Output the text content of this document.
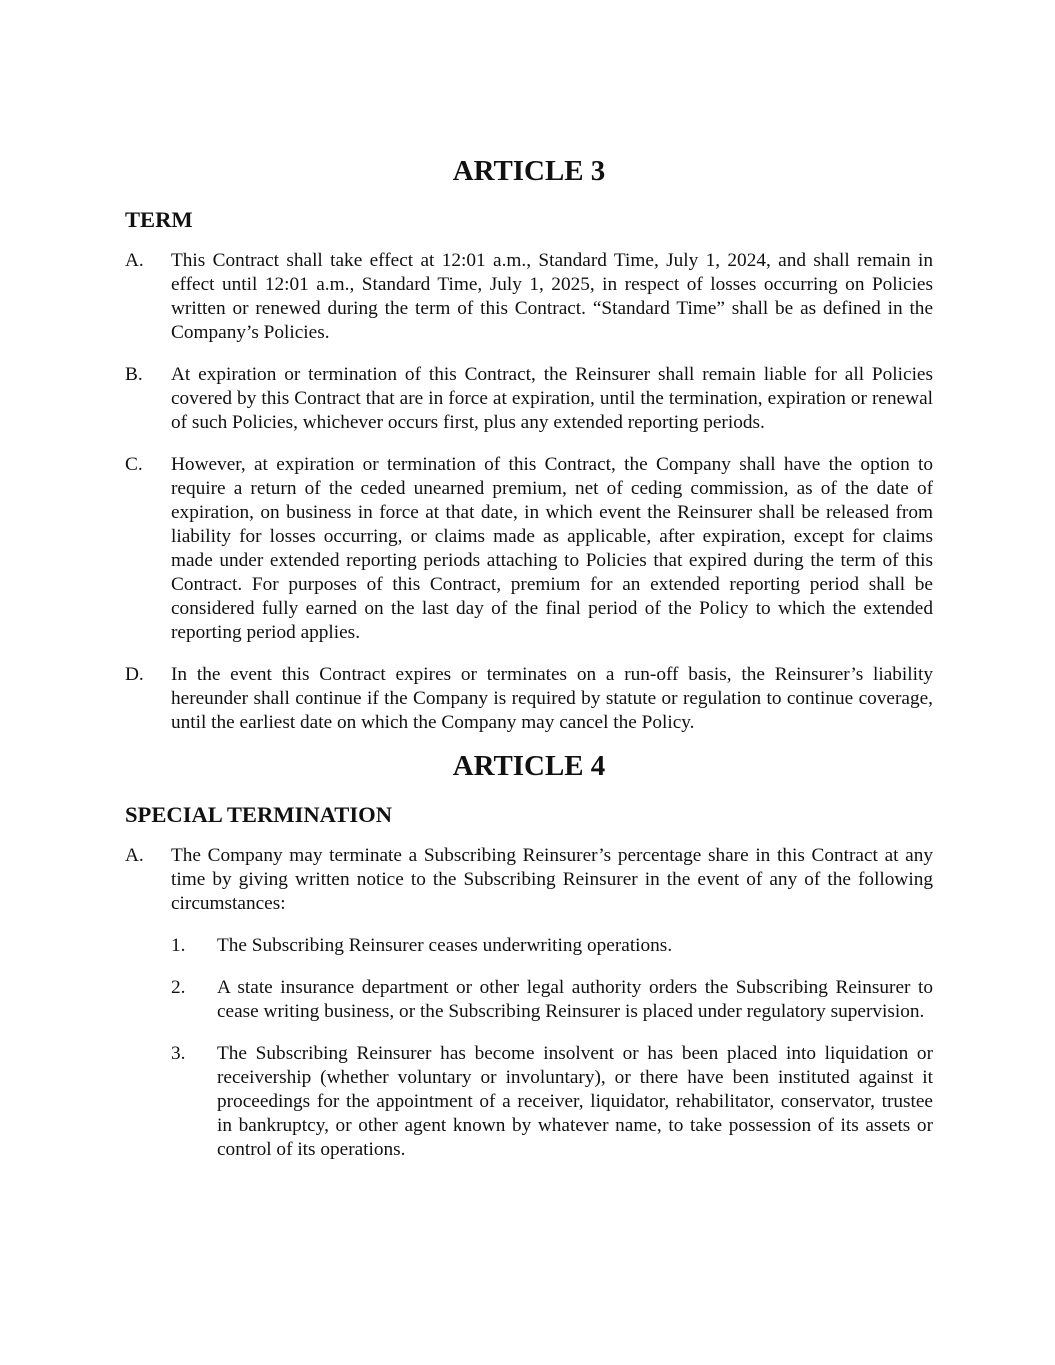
ARTICLE 3
TERM
A.	This Contract shall take effect at 12:01 a.m., Standard Time, July 1, 2024, and shall remain in effect until 12:01 a.m., Standard Time, July 1, 2025, in respect of losses occurring on Policies written or renewed during the term of this Contract. “Standard Time” shall be as defined in the Company’s Policies.
B.	At expiration or termination of this Contract, the Reinsurer shall remain liable for all Policies covered by this Contract that are in force at expiration, until the termination, expiration or renewal of such Policies, whichever occurs first, plus any extended reporting periods.
C.	However, at expiration or termination of this Contract, the Company shall have the option to require a return of the ceded unearned premium, net of ceding commission, as of the date of expiration, on business in force at that date, in which event the Reinsurer shall be released from liability for losses occurring, or claims made as applicable, after expiration, except for claims made under extended reporting periods attaching to Policies that expired during the term of this Contract. For purposes of this Contract, premium for an extended reporting period shall be considered fully earned on the last day of the final period of the Policy to which the extended reporting period applies.
D.	In the event this Contract expires or terminates on a run-off basis, the Reinsurer’s liability hereunder shall continue if the Company is required by statute or regulation to continue coverage, until the earliest date on which the Company may cancel the Policy.
ARTICLE 4
SPECIAL TERMINATION
A.	The Company may terminate a Subscribing Reinsurer’s percentage share in this Contract at any time by giving written notice to the Subscribing Reinsurer in the event of any of the following circumstances:
1.	The Subscribing Reinsurer ceases underwriting operations.
2.	A state insurance department or other legal authority orders the Subscribing Reinsurer to cease writing business, or the Subscribing Reinsurer is placed under regulatory supervision.
3.	The Subscribing Reinsurer has become insolvent or has been placed into liquidation or receivership (whether voluntary or involuntary), or there have been instituted against it proceedings for the appointment of a receiver, liquidator, rehabilitator, conservator, trustee in bankruptcy, or other agent known by whatever name, to take possession of its assets or control of its operations.
